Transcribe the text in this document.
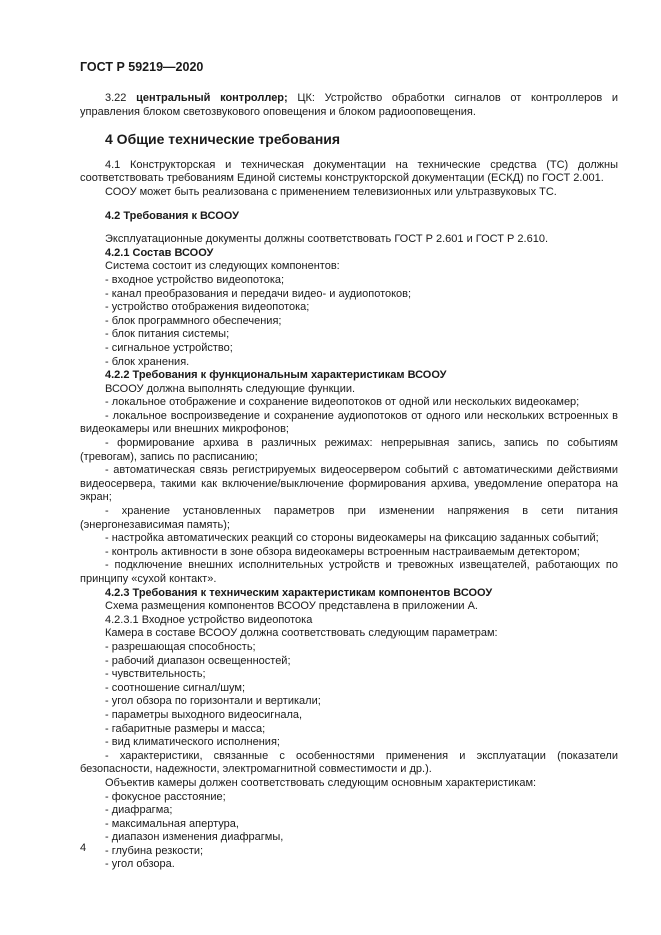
ГОСТ Р 59219—2020

3.22 центральный контроллер; ЦК: Устройство обработки сигналов от контроллеров и управления блоком светозвукового оповещения и блоком радиооповещения.

4 Общие технические требования

4.1 Конструкторская и техническая документации на технические средства (ТС) должны соответствовать требованиям Единой системы конструкторской документации (ЕСКД) по ГОСТ 2.001.

СООУ может быть реализована с применением телевизионных или ультразвуковых ТС.

4.2 Требования к ВСООУ

Эксплуатационные документы должны соответствовать ГОСТ Р 2.601 и ГОСТ Р 2.610.

4.2.1 Состав ВСООУ

Система состоит из следующих компонентов:

- входное устройство видеопотока;

- канал преобразования и передачи видео- и аудиопотоков;

- устройство отображения видеопотока;

- блок программного обеспечения;

- блок питания системы;

- сигнальное устройство;

- блок хранения.

4.2.2 Требования к функциональным характеристикам ВСООУ

ВСООУ должна выполнять следующие функции.

- локальное отображение и сохранение видеопотоков от одной или нескольких видеокамер;

- локальное воспроизведение и сохранение аудиопотоков от одного или нескольких встроенных в видеокамеры или внешних микрофонов;

- формирование архива в различных режимах: непрерывная запись, запись по событиям (тревогам), запись по расписанию;

- автоматическая связь регистрируемых видеосервером событий с автоматическими действиями видеосервера, такими как включение/выключение формирования архива, уведомление оператора на экран;

- хранение установленных параметров при изменении напряжения в сети питания (энергонезависимая память);

- настройка автоматических реакций со стороны видеокамеры на фиксацию заданных событий;

- контроль активности в зоне обзора видеокамеры встроенным настраиваемым детектором;

- подключение внешних исполнительных устройств и тревожных извещателей, работающих по принципу «сухой контакт».

4.2.3 Требования к техническим характеристикам компонентов ВСООУ

Схема размещения компонентов ВСООУ представлена в приложении А.

4.2.3.1 Входное устройство видеопотока

Камера в составе ВСООУ должна соответствовать следующим параметрам:

- разрешающая способность;

- рабочий диапазон освещенностей;

- чувствительность;

- соотношение сигнал/шум;

- угол обзора по горизонтали и вертикали;

- параметры выходного видеосигнала,

- габаритные размеры и масса;

- вид климатического исполнения;

- характеристики, связанные с особенностями применения и эксплуатации (показатели безопасности, надежности, электромагнитной совместимости и др.).

Объектив камеры должен соответствовать следующим основным характеристикам:

- фокусное расстояние;

- диафрагма;

- максимальная апертура,

- диапазон изменения диафрагмы,

- глубина резкости;

- угол обзора.

4
